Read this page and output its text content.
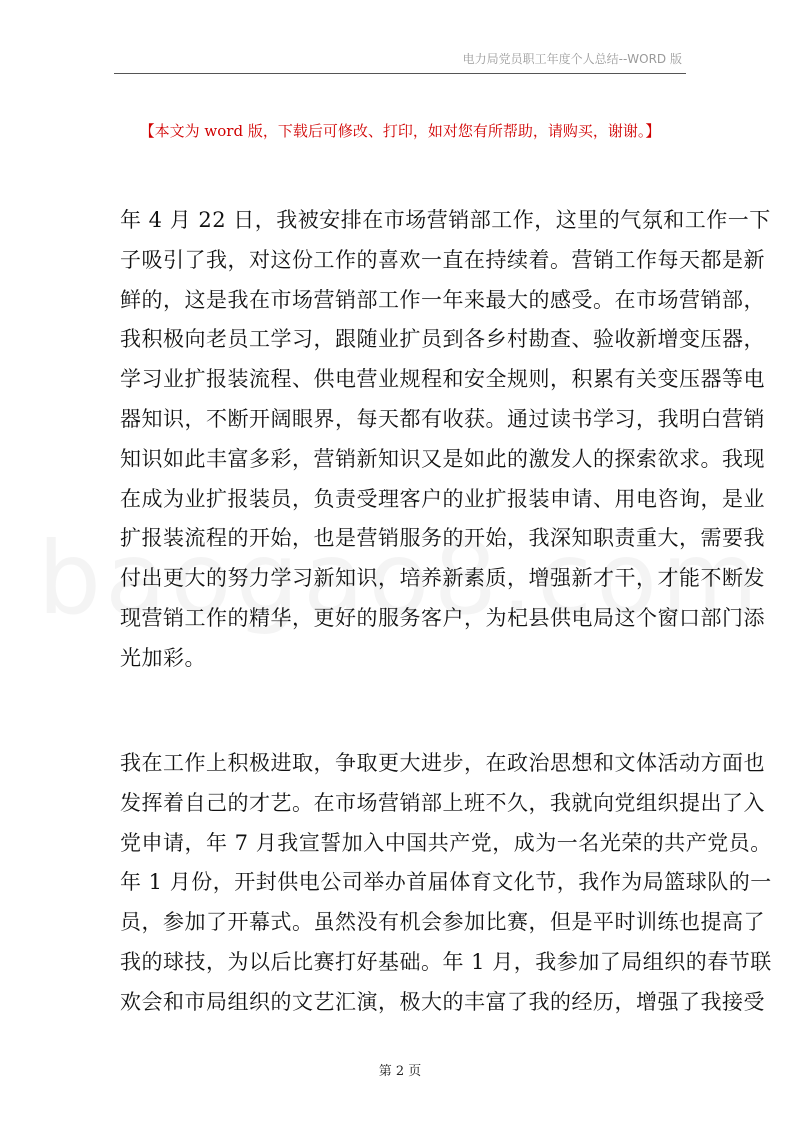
电力局党员职工年度个人总结--WORD 版
【本文为 word 版，下载后可修改、打印，如对您有所帮助，请购买，谢谢。】

年 4 月 22 日，我被安排在市场营销部工作，这里的气氛和工作一下

子吸引了我，对这份工作的喜欢一直在持续着。营销工作每天都是新

鲜的，这是我在市场营销部工作一年来最大的感受。在市场营销部，

我积极向老员工学习，跟随业扩员到各乡村勘查、验收新增变压器，

学习业扩报装流程、供电营业规程和安全规则，积累有关变压器等电

器知识，不断开阔眼界，每天都有收获。通过读书学习，我明白营销

知识如此丰富多彩，营销新知识又是如此的激发人的探索欲求。我现

在成为业扩报装员，负责受理客户的业扩报装申请、用电咨询，是业

扩报装流程的开始，也是营销服务的开始，我深知职责重大，需要我

付出更大的努力学习新知识，培养新素质，增强新才干，才能不断发

现营销工作的精华，更好的服务客户，为杞县供电局这个窗口部门添

光加彩。

我在工作上积极进取，争取更大进步，在政治思想和文体活动方面也

发挥着自己的才艺。在市场营销部上班不久，我就向党组织提出了入

党申请，年 7 月我宣誓加入中国共产党，成为一名光荣的共产党员。

年 1 月份，开封供电公司举办首届体育文化节，我作为局篮球队的一

员，参加了开幕式。虽然没有机会参加比赛，但是平时训练也提高了

我的球技，为以后比赛打好基础。年 1 月，我参加了局组织的春节联

欢会和市局组织的文艺汇演，极大的丰富了我的经历，增强了我接受

第 2 页
